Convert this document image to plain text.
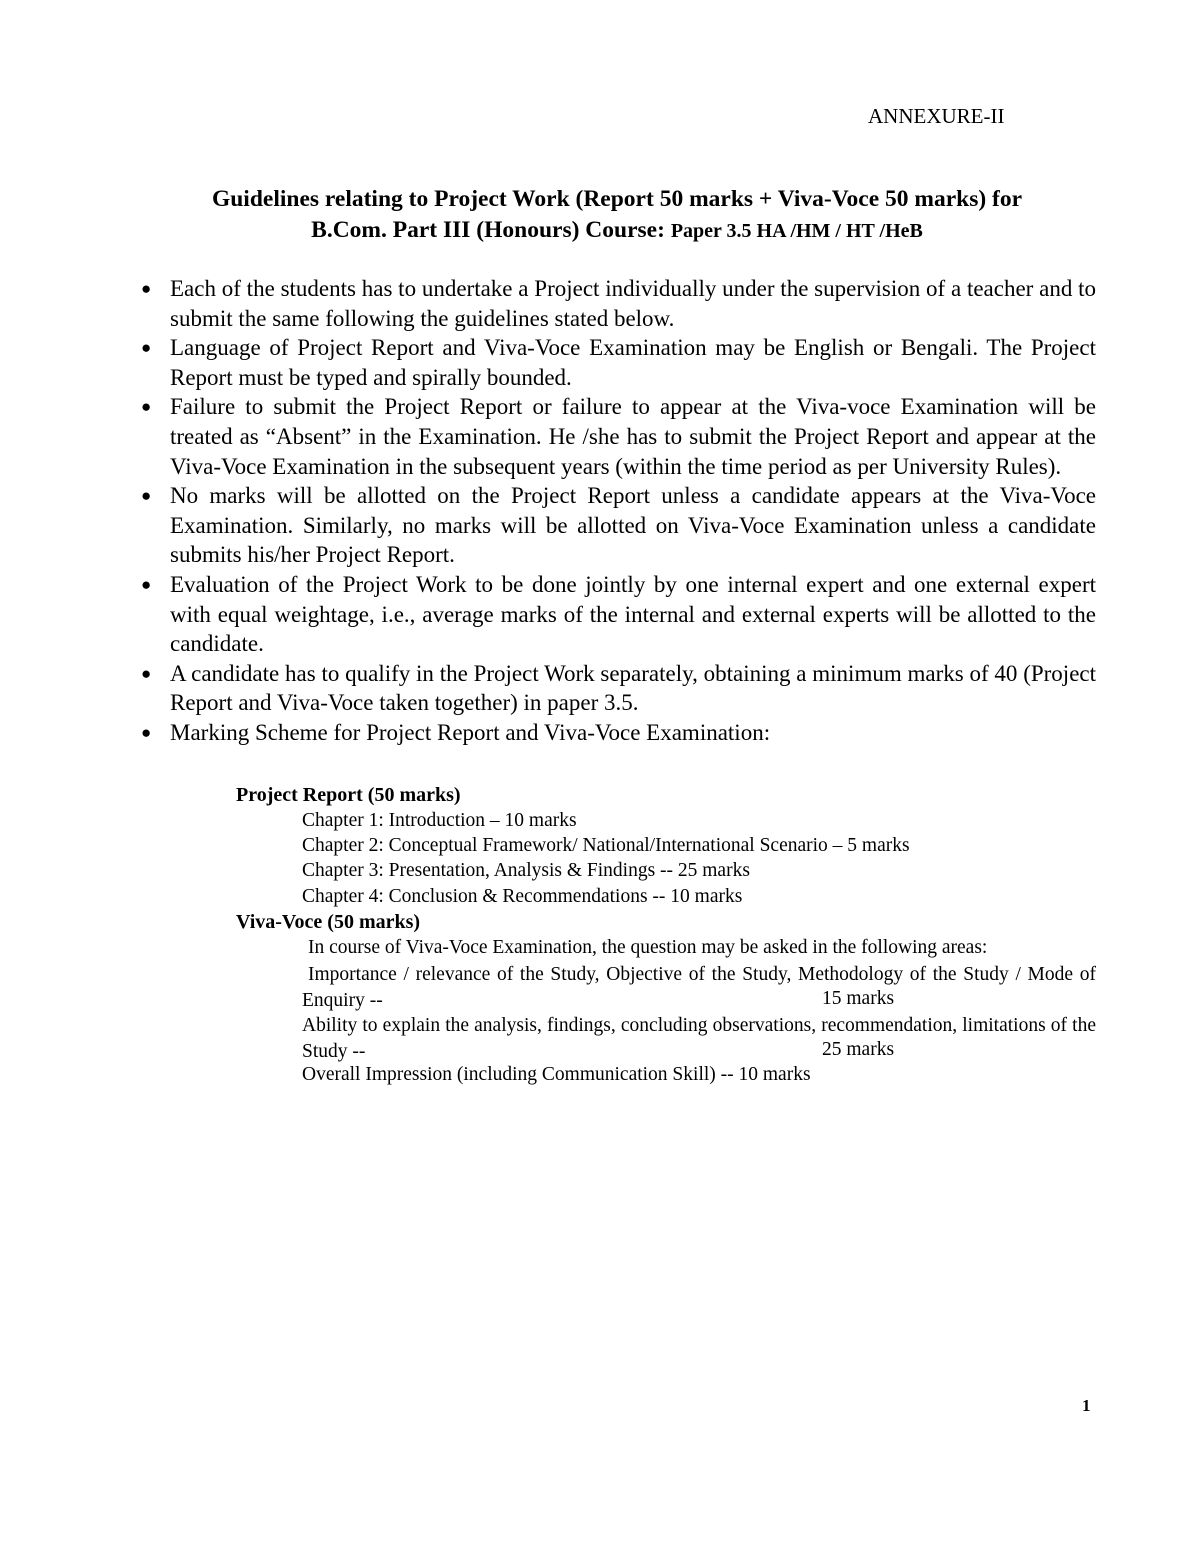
ANNEXURE-II
Guidelines relating to Project Work (Report 50 marks + Viva-Voce 50 marks) for
B.Com. Part III (Honours) Course: Paper 3.5 HA /HM / HT /HeB
● Each of the students has to undertake a Project individually under the supervision of a teacher and to submit the same following the guidelines stated below.
● Language of Project Report and Viva-Voce Examination may be English or Bengali. The Project Report must be typed and spirally bounded.
● Failure to submit the Project Report or failure to appear at the Viva-voce Examination will be treated as “Absent” in the Examination. He /she has to submit the Project Report and appear at the Viva-Voce Examination in the subsequent years (within the time period as per University Rules).
● No marks will be allotted on the Project Report unless a candidate appears at the Viva-Voce Examination. Similarly, no marks will be allotted on Viva-Voce Examination unless a candidate submits his/her Project Report.
● Evaluation of the Project Work to be done jointly by one internal expert and one external expert with equal weightage, i.e., average marks of the internal and external experts will be allotted to the candidate.
● A candidate has to qualify in the Project Work separately, obtaining a minimum marks of 40 (Project Report and Viva-Voce taken together) in paper 3.5.
● Marking Scheme for Project Report and Viva-Voce Examination:
Project Report (50 marks)
Chapter 1: Introduction – 10 marks
Chapter 2: Conceptual Framework/ National/International Scenario – 5 marks
Chapter 3: Presentation, Analysis & Findings -- 25 marks
Chapter 4: Conclusion & Recommendations -- 10 marks
Viva-Voce (50 marks)
In course of Viva-Voce Examination, the question may be asked in the following areas:
Importance / relevance of the Study, Objective of the Study, Methodology of the Study / Mode of Enquiry --	15 marks
Ability to explain the analysis, findings, concluding observations, recommendation, limitations of the Study --	25 marks
Overall Impression (including Communication Skill) -- 10 marks
1
